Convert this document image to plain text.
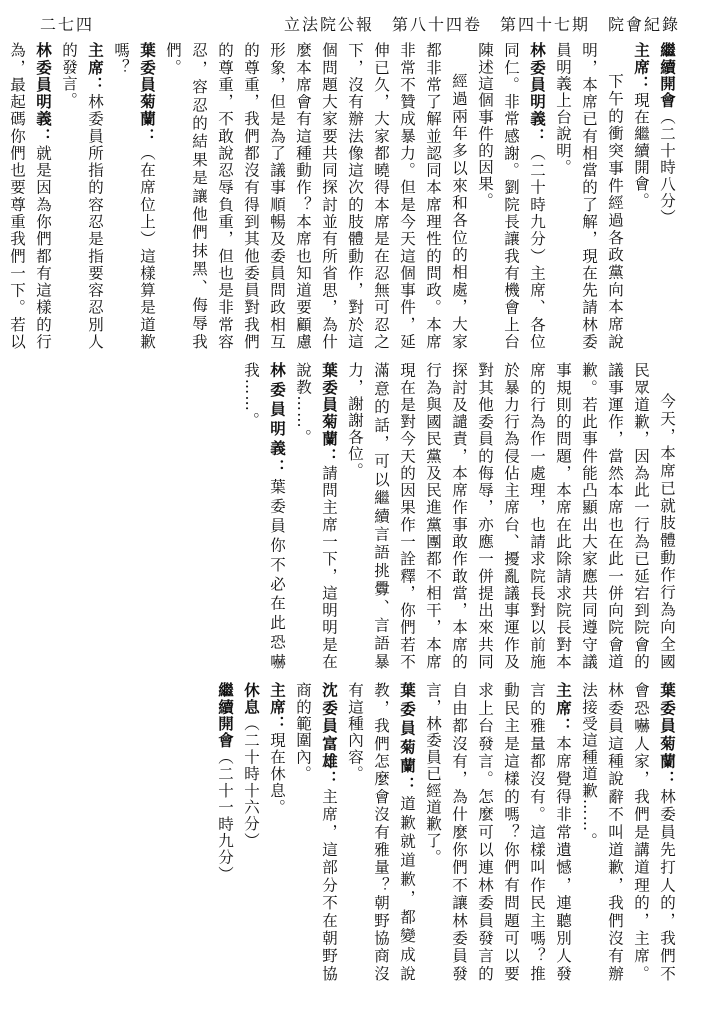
立法院公報　第八十四卷　第四十七期　院會紀錄
二七四

繼續開會（二十時八分）

主席：現在繼續開會。

下午的衝突事件經過各政黨向本席說明，本席已有相當的了解，現在先請林委員明義上台說明。

林委員明義：（二十時九分）主席、各位同仁。非常感謝。劉院長讓我有機會上台陳述這個事件的因果。

經過兩年多以來和各位的相處，大家都非常了解並認同本席理性的問政。本席非常不贊成暴力。但是今天這個事件，延伸已久，大家都曉得本席是在忍無可忍之下，沒有辦法像這次的肢體動作，對於這個問題大家要共同探討並有所省思，為什麼本席會有這種動作？本席也知道要顧慮形象，但是為了議事順暢及委員問政相互的尊重，我們都沒有得到其他委員對我們的尊重，不敢說忍辱負重，但也是非常容忍，容忍的結果是讓他們抹黑、侮辱我們。

葉委員菊蘭：（在席位上）這樣算是道歉嗎？

主席：林委員所指的容忍是指要容忍別人的發言。

林委員明義：就是因為你們都有這樣的行為，最起碼你們也要尊重我們一下。若以

今天，本席已就肢體動作行為向全國民眾道歉，因為此一行為已延宕到院會的議事運作，當然本席也在此一併向院會道歉。若此事件能凸顯出大家應共同遵守議事規則的問題，本席在此除請求院長對本席的行為作一處理，也請求院長對以前施於暴力行為侵佔主席台、擾亂議事運作及對其他委員的侮辱，亦應一併提出來共同探討及譴責，本席作事敢作敢當，本席的行為與國民黨及民進黨團都不相干，本席現在是對今天的因果作一詮釋，你們若不滿意的話，可以繼續言語挑釁、言語暴力，謝謝各位。

葉委員菊蘭：請問主席一下，這明明是在說教……。

林委員明義：葉委員你不必在此恐嚇我……。

葉委員菊蘭：林委員先打人的，我們不會恐嚇人家，我們是講道理的，主席。林委員這種說辭不叫道歉，我們沒有辦法接受這種道歉……。

主席：本席覺得非常遺憾，連聽別人發言的雅量都沒有。這樣叫作民主嗎？推動民主是這樣的嗎？你們有問題可以要求上台發言。怎麼可以連林委員發言的自由都沒有，為什麼你們不讓林委員發言，林委員已經道歉了。

葉委員菊蘭：道歉就道歉，都變成說教，我們怎麼會沒有雅量？朝野協商沒有這種內容。

沈委員富雄：主席，這部分不在朝野協商的範圍內。

主席：現在休息。

休息（二十時十六分）

繼續開會（二十一時九分）
